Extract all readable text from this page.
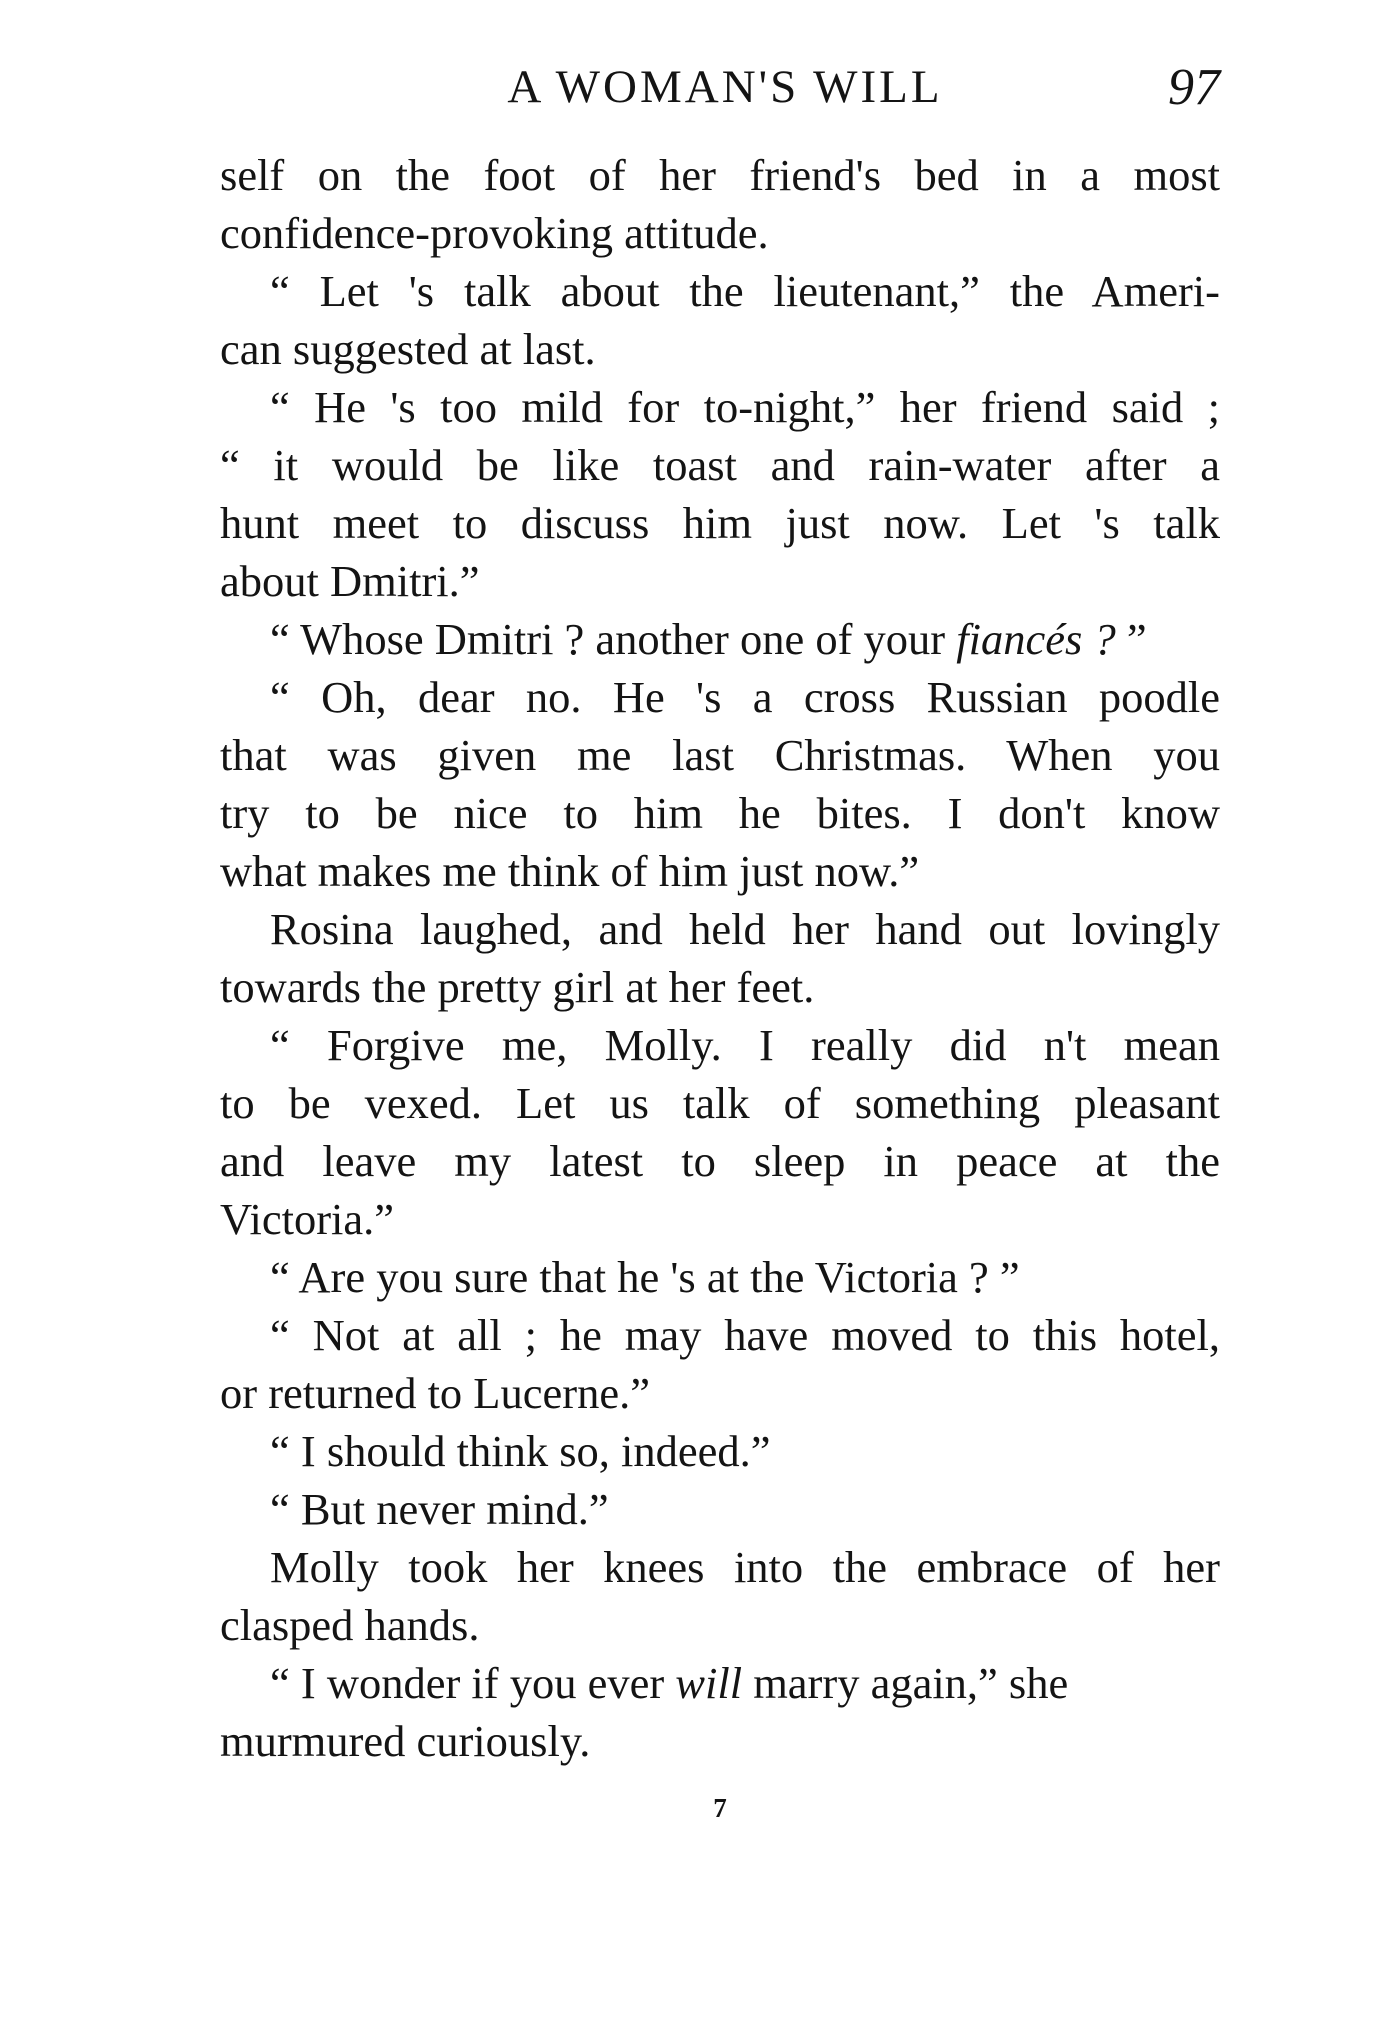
A WOMAN'S WILL	97
self on the foot of her friend's bed in a most
confidence-provoking attitude.
“ Let 's talk about the lieutenant,” the Ameri-
can suggested at last.
“ He 's too mild for to-night,” her friend said ;
“ it would be like toast and rain-water after a
hunt meet to discuss him just now. Let 's talk
about Dmitri.”
“ Whose Dmitri ? another one of your fiancés ? ”
“ Oh, dear no. He 's a cross Russian poodle
that was given me last Christmas. When you
try to be nice to him he bites. I don't know
what makes me think of him just now.”
Rosina laughed, and held her hand out lovingly
towards the pretty girl at her feet.
“ Forgive me, Molly. I really did n't mean
to be vexed. Let us talk of something pleasant
and leave my latest to sleep in peace at the
Victoria.”
“ Are you sure that he 's at the Victoria ? ”
“ Not at all ; he may have moved to this hotel,
or returned to Lucerne.”
“ I should think so, indeed.”
“ But never mind.”
Molly took her knees into the embrace of her
clasped hands.
“ I wonder if you ever will marry again,” she
murmured curiously.
7
